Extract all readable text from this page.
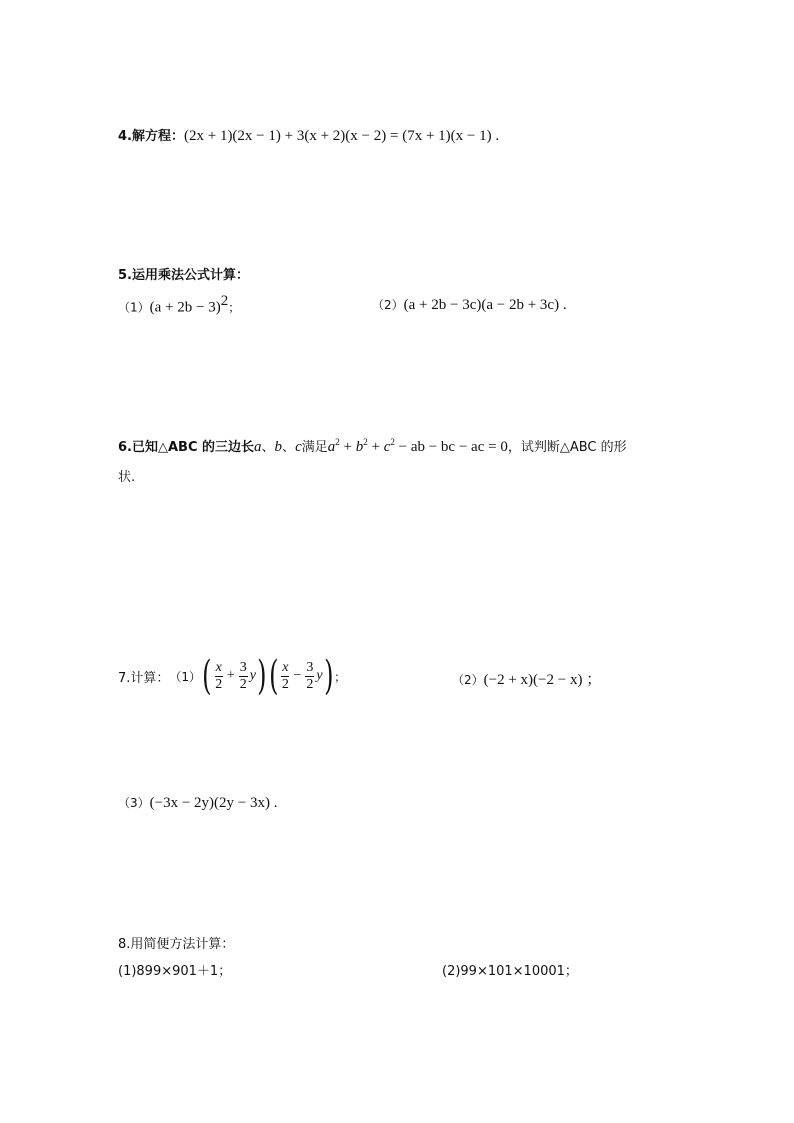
4.解方程：(2x + 1)(2x − 1) + 3(x + 2)(x − 2) = (7x + 1)(x − 1) .
5.运用乘法公式计算：
$(1)(a + 2b - 3)^2$；	（2）(a + 2b − 3c)(a − 2b + 3c) .
6.已知△ABC 的三边长a、b、c满足$a^2 + b^2 + c^2$ − ab − bc − ac = 0，试判断△ABC 的形
状.
7.计算： （1） ( $\frac{x}{2} + \frac{3}{2}$ y ) ( $\frac{x}{2} - \frac{3}{2}$ y ) ；	（2）(−2 + x)(−2 − x) ；
（3）(−3x − 2y)(2y − 3x) .
8.用简便方法计算：
(1)899×901＋1；	(2)99×101×10001；
